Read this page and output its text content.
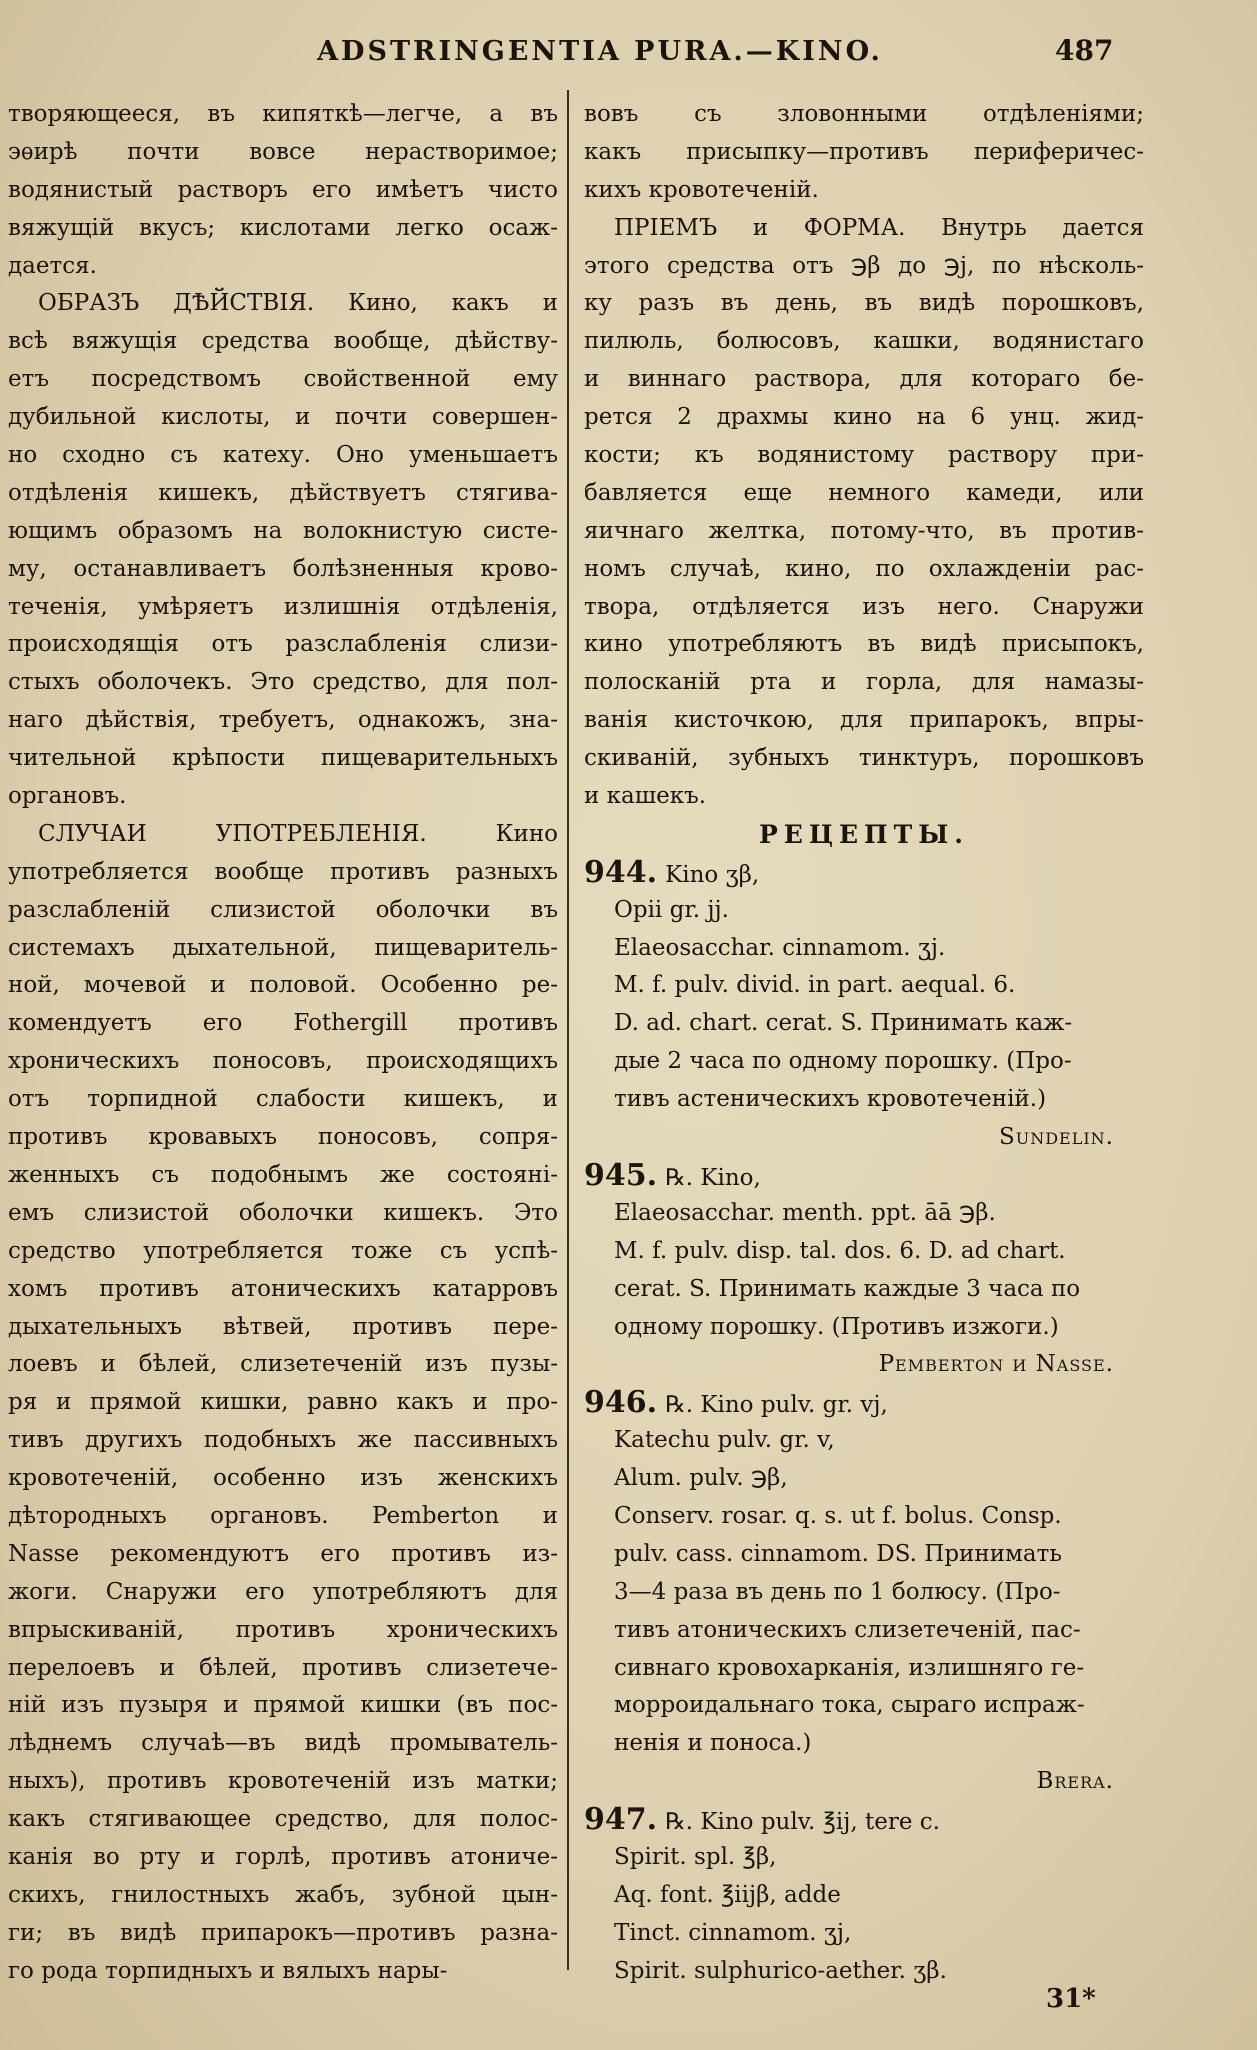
ADSTRINGENTIA PURA.—KINO.	487
творяющееся, въ кипяткѣ—легче, а въ
эѳирѣ почти вовсе нерастворимое;
водянистый растворъ его имѣетъ чисто
вяжущій вкусъ; кислотами легко осаж-
дается.
ОБРАЗЪ ДѢЙСТВІЯ. Кино, какъ и
всѣ вяжущія средства вообще, дѣйству-
етъ посредствомъ свойственной ему
дубильной кислоты, и почти совершен-
но сходно съ катеху. Оно уменьшаетъ
отдѣленія кишекъ, дѣйствуетъ стягива-
ющимъ образомъ на волокнистую систе-
му, останавливаетъ болѣзненныя крово-
теченія, умѣряетъ излишнія отдѣленія,
происходящія отъ разслабленія слизи-
стыхъ оболочекъ. Это средство, для пол-
наго дѣйствія, требуетъ, однакожъ, зна-
чительной крѣпости пищеварительныхъ
органовъ.
СЛУЧАИ УПОТРЕБЛЕНІЯ. Кино
употребляется вообще противъ разныхъ
разслабленій слизистой оболочки въ
системахъ дыхательной, пищеваритель-
ной, мочевой и половой. Особенно ре-
комендуетъ его Fothergill противъ
хроническихъ поносовъ, происходящихъ
отъ торпидной слабости кишекъ, и
противъ кровавыхъ поносовъ, сопря-
женныхъ съ подобнымъ же состояні-
емъ слизистой оболочки кишекъ. Это
средство употребляется тоже съ успѣ-
хомъ противъ атоническихъ катарровъ
дыхательныхъ вѣтвей, противъ пере-
лоевъ и бѣлей, слизетеченій изъ пузы-
ря и прямой кишки, равно какъ и про-
тивъ другихъ подобныхъ же пассивныхъ
кровотеченій, особенно изъ женскихъ
дѣтородныхъ органовъ. Pemberton и
Nasse рекомендуютъ его противъ из-
жоги. Снаружи его употребляютъ для
впрыскиваній, противъ хроническихъ
перелоевъ и бѣлей, противъ слизетече-
ній изъ пузыря и прямой кишки (въ пос-
лѣднемъ случаѣ—въ видѣ промыватель-
ныхъ), противъ кровотеченій изъ матки;
какъ стягивающее средство, для полос-
канія во рту и горлѣ, противъ атониче-
скихъ, гнилостныхъ жабъ, зубной цын-
ги; въ видѣ припарокъ—противъ разна-
го рода торпидныхъ и вялыхъ нары-
вовъ съ зловонными отдѣленіями;
какъ присыпку—противъ периферичес-
кихъ кровотеченій.
ПРІЕМЪ и ФОРМА. Внутрь дается
этого средства отъ ℈β до ℈j, по нѣсколь-
ку разъ въ день, въ видѣ порошковъ,
пилюль, болюсовъ, кашки, водянистаго
и виннаго раствора, для котораго бе-
рется 2 драхмы кино на 6 унц. жид-
кости; къ водянистому раствору при-
бавляется еще немного камеди, или
яичнаго желтка, потому-что, въ против-
номъ случаѣ, кино, по охлажденіи рас-
твора, отдѣляется изъ него. Снаружи
кино употребляютъ въ видѣ присыпокъ,
полосканій рта и горла, для намазы-
ванія кисточкою, для припарокъ, впры-
скиваній, зубныхъ тинктуръ, порошковъ
и кашекъ.
РЕЦЕПТЫ.
944. Kino ʒβ,
Opii gr. jj.
Elaeosacchar. cinnamom. ʒj.
M. f. pulv. divid. in part. aequal. 6.
D. ad. chart. cerat. S. Принимать каж-
дые 2 часа по одному порошку. (Про-
тивъ астеническихъ кровотеченій.)
Sundelin.
945. ℞. Kino,
Elaeosacchar. menth. ppt. āā ℈β.
M. f. pulv. disp. tal. dos. 6. D. ad chart.
cerat. S. Принимать каждые 3 часа по
одному порошку. (Противъ изжоги.)
Pemberton и Nasse.
946. ℞. Kino pulv. gr. vj,
Katechu pulv. gr. v,
Alum. pulv. ℈β,
Conserv. rosar. q. s. ut f. bolus. Consp.
pulv. cass. cinnamom. DS. Принимать
3—4 раза въ день по 1 болюсу. (Про-
тивъ атоническихъ слизетеченій, пас-
сивнаго кровохарканія, излишняго ге-
морроидальнаго тока, сыраго испраж-
ненія и поноса.)
Brera.
947. ℞. Kino pulv. ℥ij, tere c.
Spirit. spl. ℥β,
Aq. font. ℥iijβ, adde
Tinct. cinnamom. ʒj,
Spirit. sulphurico-aether. ʒβ.
31*
